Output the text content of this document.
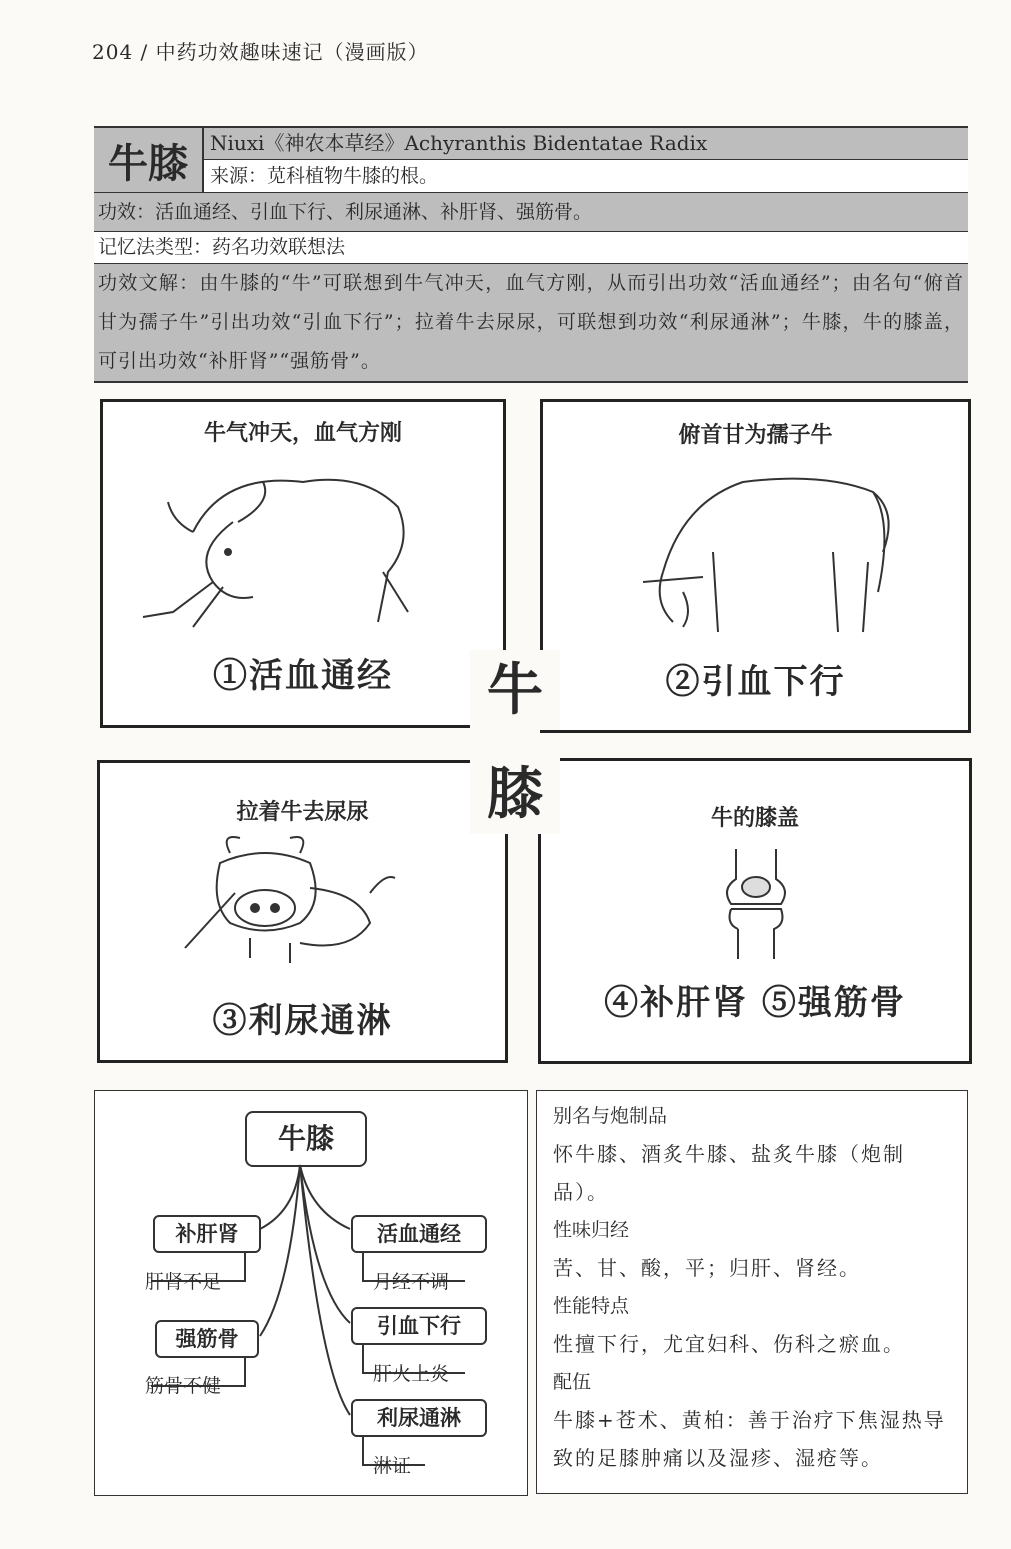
204 / 中药功效趣味速记（漫画版）
牛膝	Niuxi《神农本草经》Achyranthis Bidentatae Radix
来源：苋科植物牛膝的根。
功效：活血通经、引血下行、利尿通淋、补肝肾、强筋骨。
记忆法类型：药名功效联想法
功效文解：由牛膝的“牛”可联想到牛气冲天，血气方刚，从而引出功效“活血通经”；由名句“俯首甘为孺子牛”引出功效“引血下行”；拉着牛去尿尿，可联想到功效“利尿通淋”；牛膝，牛的膝盖，可引出功效“补肝肾”“强筋骨”。
牛气冲天，血气方刚
①活血通经
俯首甘为孺子牛
②引血下行
拉着牛去尿尿
③利尿通淋
牛的膝盖
④补肝肾 ⑤强筋骨
牛
膝
牛膝
补肝肾
肝肾不足
强筋骨
筋骨不健
活血通经
月经不调
引血下行
肝火上炎
利尿通淋
淋证
别名与炮制品
怀牛膝、酒炙牛膝、盐炙牛膝（炮制品）。
性味归经
苦、甘、酸，平；归肝、肾经。
性能特点
性擅下行，尤宜妇科、伤科之瘀血。
配伍
牛膝+苍术、黄柏：善于治疗下焦湿热导致的足膝肿痛以及湿疹、湿疮等。
